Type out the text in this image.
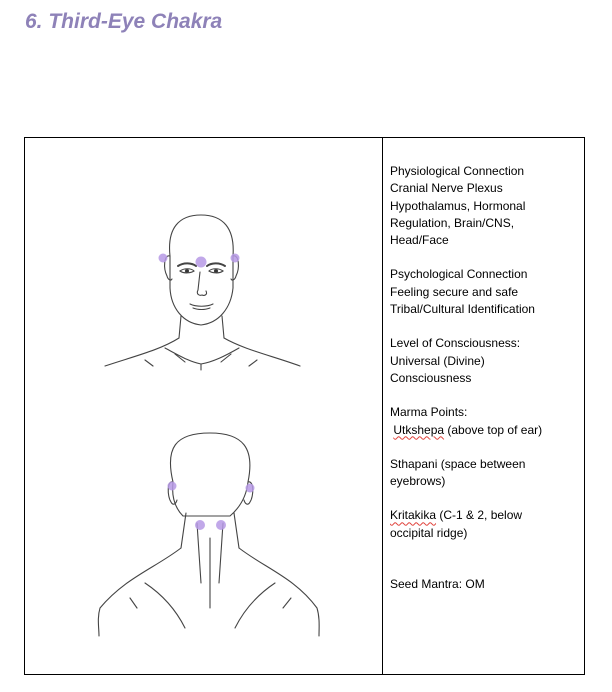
6. Third-Eye Chakra
Physiological Connection
Cranial Nerve Plexus
Hypothalamus, Hormonal
Regulation, Brain/CNS,
Head/Face
Psychological Connection
Feeling secure and safe
Tribal/Cultural Identification
Level of Consciousness:
Universal (Divine)
Consciousness
Marma Points:
Utkshepa (above top of ear)
Sthapani (space between
eyebrows)
Kritakika (C-1 & 2, below
occipital ridge)
Seed Mantra: OM
